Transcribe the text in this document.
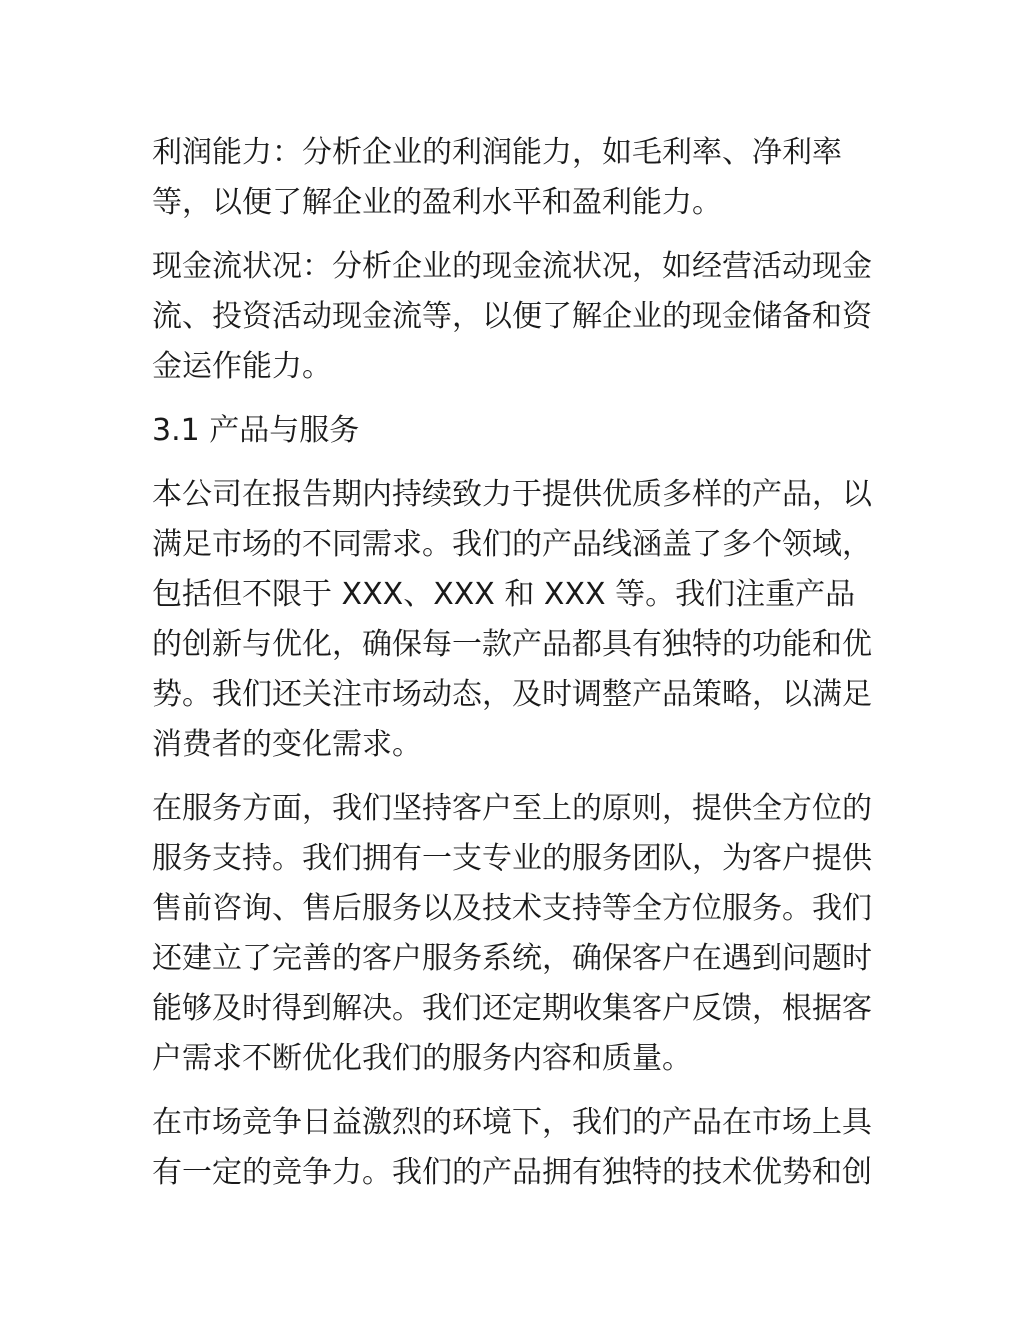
利润能力：分析企业的利润能力，如毛利率、净利率
等，以便了解企业的盈利水平和盈利能力。

现金流状况：分析企业的现金流状况，如经营活动现金
流、投资活动现金流等，以便了解企业的现金储备和资
金运作能力。

3.1 产品与服务

本公司在报告期内持续致力于提供优质多样的产品，以
满足市场的不同需求。我们的产品线涵盖了多个领域，
包括但不限于 XXX、XXX 和 XXX 等。我们注重产品
的创新与优化，确保每一款产品都具有独特的功能和优
势。我们还关注市场动态，及时调整产品策略，以满足
消费者的变化需求。

在服务方面，我们坚持客户至上的原则，提供全方位的
服务支持。我们拥有一支专业的服务团队，为客户提供
售前咨询、售后服务以及技术支持等全方位服务。我们
还建立了完善的客户服务系统，确保客户在遇到问题时
能够及时得到解决。我们还定期收集客户反馈，根据客
户需求不断优化我们的服务内容和质量。

在市场竞争日益激烈的环境下，我们的产品在市场上具
有一定的竞争力。我们的产品拥有独特的技术优势和创
